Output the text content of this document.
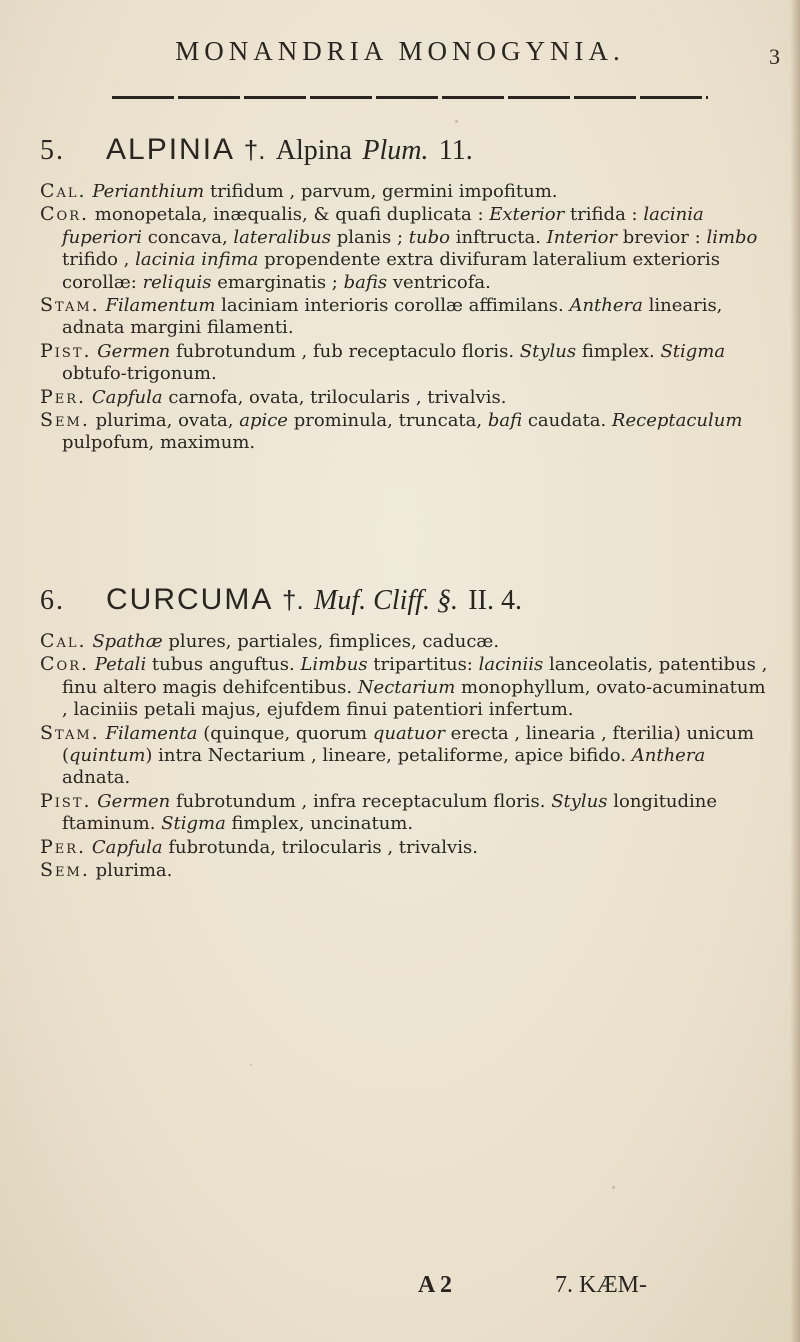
MONANDRIA MONOGYNIA.	3
5. ALPINIA †. Alpina Plum. 11.
Cal. Perianthium trifidum , parvum, germini impofitum.
Cor. monopetala, inæqualis, & quafi duplicata : Exterior trifida : lacinia fuperiori concava, lateralibus planis ; tubo inftructa. Interior brevior : limbo trifido , lacinia infima propendente extra divifuram lateralium exterioris corollæ: reliquis emarginatis ; bafis ventricofa.
Stam. Filamentum laciniam interioris corollæ affimilans. Anthera linearis, adnata margini filamenti.
Pist. Germen fubrotundum , fub receptaculo floris. Stylus fimplex. Stigma obtufo-trigonum.
Per. Capfula carnofa, ovata, trilocularis , trivalvis.
Sem. plurima, ovata, apice prominula, truncata, bafi caudata. Receptaculum pulpofum, maximum.
6. CURCUMA †. Muf. Cliff. §. II. 4.
Cal. Spathæ plures, partiales, fimplices, caducæ.
Cor. Petali tubus anguftus. Limbus tripartitus: laciniis lanceolatis, patentibus , finu altero magis dehifcentibus. Nectarium monophyllum, ovato-acuminatum , laciniis petali majus, ejufdem finui patentiori infertum.
Stam. Filamenta (quinque, quorum quatuor erecta , linearia , fterilia) unicum (quintum) intra Nectarium , lineare, petaliforme, apice bifido. Anthera adnata.
Pist. Germen fubrotundum , infra receptaculum floris. Stylus longitudine ftaminum. Stigma fimplex, uncinatum.
Per. Capfula fubrotunda, trilocularis , trivalvis.
Sem. plurima.
A 2	7. KÆM-
